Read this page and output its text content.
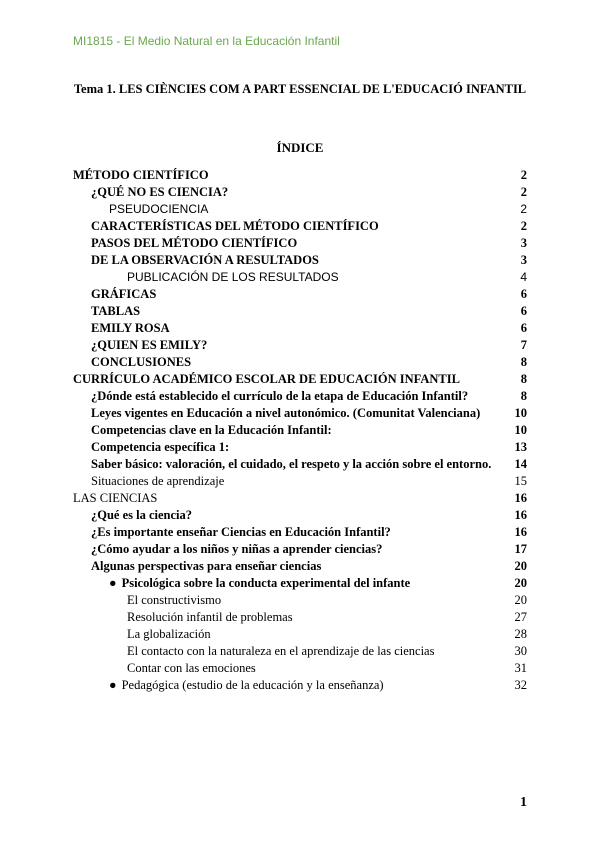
MI1815 - El Medio Natural en la Educación Infantil
Tema 1. LES CIÈNCIES COM A PART ESSENCIAL DE L'EDUCACIÓ INFANTIL
ÍNDICE
MÉTODO CIENTÍFICO	2
¿QUÉ NO ES CIENCIA?	2
PSEUDOCIENCIA	2
CARACTERÍSTICAS DEL MÉTODO CIENTÍFICO	2
PASOS DEL MÉTODO CIENTÍFICO	3
DE LA OBSERVACIÓN A RESULTADOS	3
PUBLICACIÓN DE LOS RESULTADOS	4
GRÁFICAS	6
TABLAS	6
EMILY ROSA	6
¿QUIEN ES EMILY?	7
CONCLUSIONES	8
CURRÍCULO ACADÉMICO ESCOLAR DE EDUCACIÓN INFANTIL	8
¿Dónde está establecido el currículo de la etapa de Educación Infantil?	8
Leyes vigentes en Educación a nivel autonómico. (Comunitat Valenciana)	10
Competencias clave en la Educación Infantil:	10
Competencia específica 1:	13
Saber básico: valoración, el cuidado, el respeto y la acción sobre el entorno.	14
Situaciones de aprendizaje	15
LAS CIENCIAS	16
¿Qué es la ciencia?	16
¿Es importante enseñar Ciencias en Educación Infantil?	16
¿Cómo ayudar a los niños y niñas a aprender ciencias?	17
Algunas perspectivas para enseñar ciencias	20
● Psicológica sobre la conducta experimental del infante	20
El constructivismo	20
Resolución infantil de problemas	27
La globalización	28
El contacto con la naturaleza en el aprendizaje de las ciencias	30
Contar con las emociones	31
● Pedagógica (estudio de la educación y la enseñanza)	32
1
